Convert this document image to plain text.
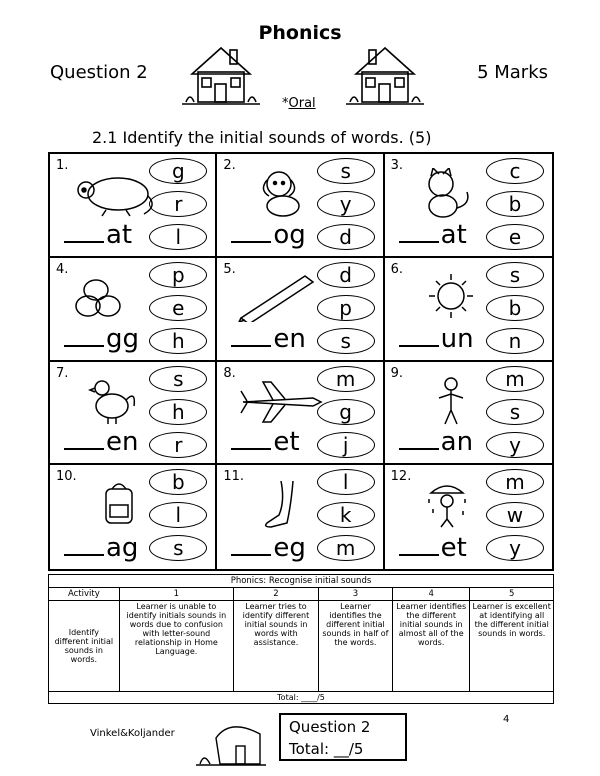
Phonics
Question 2	5 Marks
*Oral
2.1 Identify the initial sounds of words. (5)
1.
at
g
r
l
2.
og
s
y
d
3.
at
c
b
e
4.
gg
p
e
h
5.
en
d
p
s
6.
un
s
b
n
7.
en
s
h
r
8.
et
m
g
j
9.
an
m
s
y
10.
ag
b
l
s
11.
eg
l
k
m
12.
et
m
w
y
Phonics: Recognise initial sounds					
Activity	1	2	3	4	5
Identify different initial sounds in words.	Learner is unable to identify initials sounds in words due to confusion with letter-sound relationship in Home Language.	Learner tries to identify different initial sounds in words with assistance.	Learner identifies the different initial sounds in half of the words.	Learner identifies the different initial sounds in almost all of the words.	Learner is excellent at identifying all the different initial sounds in words.
Total: ____/5					
Vinkel&Koljander	Question 2
Total: __/5
4
